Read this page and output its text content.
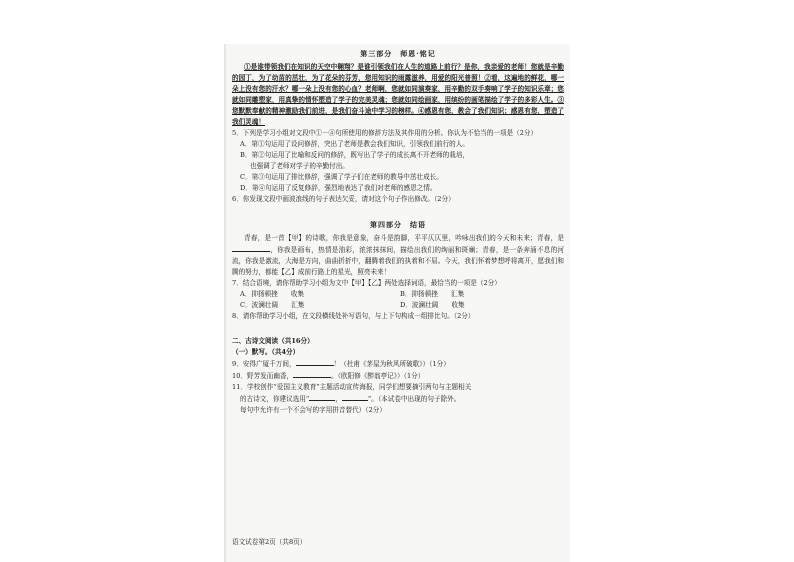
第三部分　师恩·铭记

①是谁带领我们在知识的天空中翱翔？是谁引领我们在人生的道路上前行？是你，我亲爱的老师！您就是辛勤的园丁，为了幼苗的茁壮，为了花朵的芬芳，您用知识的雨露滋养，用爱的阳光普照！②看，这遍地的鲜花，哪一朵上没有您的汗水？哪一朵上没有您的心血？老师啊，您就如同演奏家，用辛勤的双手奏响了学子的知识乐章；您就如同雕塑家，用真挚的情怀塑造了学子的完美灵魂；您就如同绘画家，用缤纷的画笔描绘了学子的多彩人生。③您默默奉献的精神激励我们前进，是我们奋斗途中学习的榜样。④感恩有您，教会了我们知识；感恩有您，塑造了我们灵魂！

5．下列是学习小组对文段中①－④句所使用的修辞方法及其作用的分析。你认为不恰当的一项是（2分）

A．第①句运用了设问修辞，突出了老师是教会我们知识，引领我们前行的人。

B．第②句运用了比喻和反问的修辞，既写出了学子的成长离不开老师的栽培，

也强调了老师对学子的辛勤付出。

C．第③句运用了排比修辞，强调了学子们在老师的教导中茁壮成长。

D．第④句运用了反复修辞，强烈地表达了我们对老师的感恩之情。

6．你发现文段中画波浪线的句子表达欠妥，请对这个句子作出修改。（2分）

第四部分　结语

青春，是一首【甲】的诗歌，你我是意象，奋斗是韵脚，平平仄仄里，吟咏出我们的今天和未来；青春，是，你我是画布，热情是油彩，浓浓抹抹间，描绘出我们的绚丽和斑斓；青春，是一条奔涌不息的河流，你我是激流，大海是方向，曲曲折折中，翻腾着我们的执着和不屈。今天，我们怀着梦想呼将离开，愿我们和腾的努力，都能【乙】成前行路上的星光，照亮未来！

7．结合语境，请你帮助学习小组为文中【甲】【乙】两处选择词语，最恰当的一项是（2分）

A．抑扬顿挫　　收集	B．抑扬顿挫　　汇集
C．波澜壮阔　　汇集	D．波澜壮阔　　收集

8．请你帮助学习小组，在文段横线处补写语句，与上下句构成一组排比句。（2分）

二、古诗文阅读（共16分）

（一）默写。（共4分）

9．安得广厦千万间，	！（杜甫《茅屋为秋风所破歌》）（1分）

10．野芳发而幽香，	。（欧阳修《醉翁亭记》）（1分）

11．学校创作“爱国主义教育”主题活动宣传海报，同学们想要摘引两句与主题相关

的古诗文，你建议选用“	，	”。（本试卷中出现的句子除外。

每句中允许有一个不会写的字用拼音替代）（2分）

语文试卷第2页（共8页）
